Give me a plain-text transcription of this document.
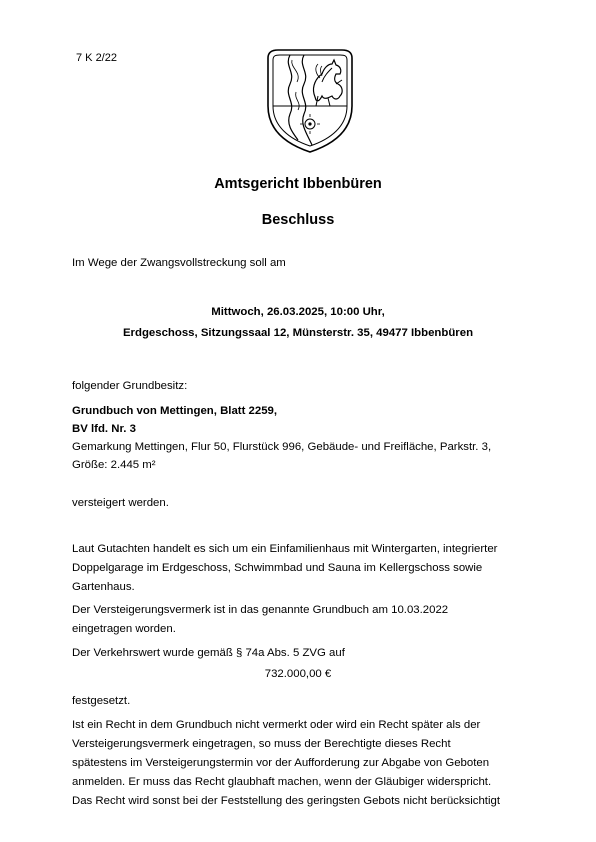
7 K 2/22
Amtsgericht Ibbenbüren
Beschluss
Im Wege der Zwangsvollstreckung soll am
Mittwoch, 26.03.2025, 10:00 Uhr,
Erdgeschoss, Sitzungssaal 12, Münsterstr. 35, 49477 Ibbenbüren
folgender Grundbesitz:
Grundbuch von Mettingen, Blatt 2259,
BV lfd. Nr. 3
Gemarkung Mettingen, Flur 50, Flurstück 996, Gebäude- und Freifläche, Parkstr. 3,
Größe: 2.445 m²
versteigert werden.
Laut Gutachten handelt es sich um ein Einfamilienhaus mit Wintergarten, integrierter
Doppelgarage im Erdgeschoss, Schwimmbad und Sauna im Kellergschoss sowie
Gartenhaus.
Der Versteigerungsvermerk ist in das genannte Grundbuch am 10.03.2022
eingetragen worden.
Der Verkehrswert wurde gemäß § 74a Abs. 5 ZVG auf
732.000,00 €
festgesetzt.
Ist ein Recht in dem Grundbuch nicht vermerkt oder wird ein Recht später als der
Versteigerungsvermerk eingetragen, so muss der Berechtigte dieses Recht
spätestens im Versteigerungstermin vor der Aufforderung zur Abgabe von Geboten
anmelden. Er muss das Recht glaubhaft machen, wenn der Gläubiger widerspricht.
Das Recht wird sonst bei der Feststellung des geringsten Gebots nicht berücksichtigt
